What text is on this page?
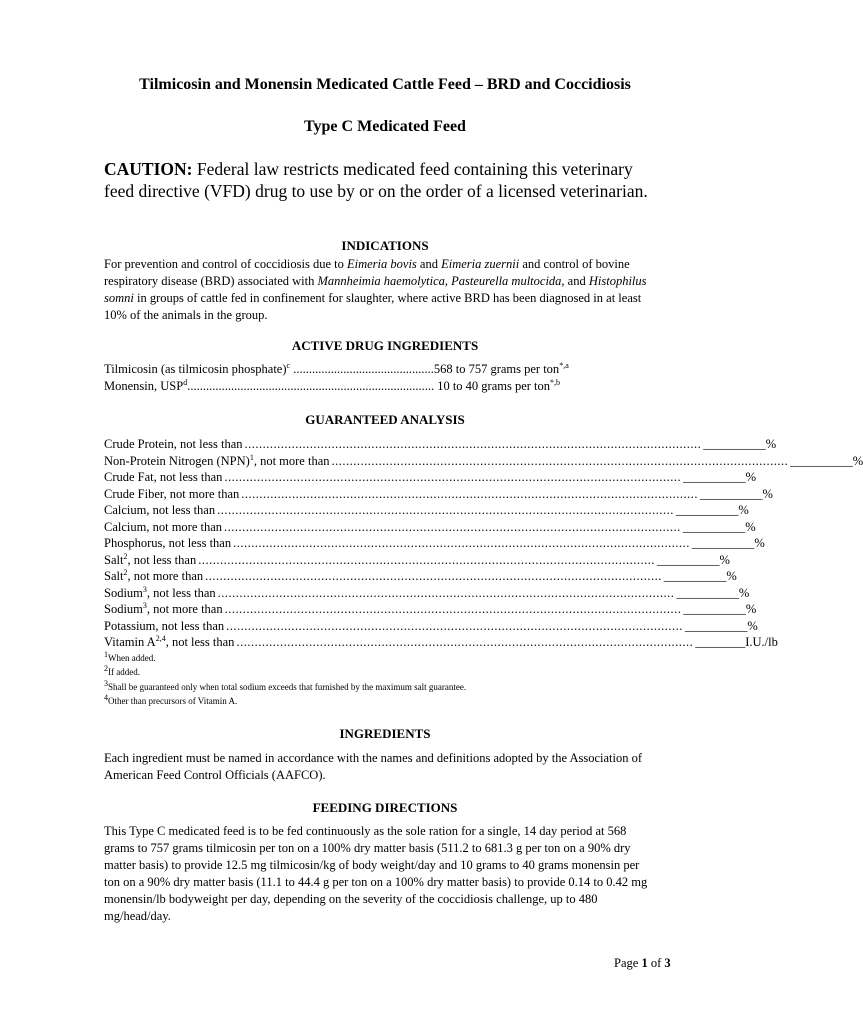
Tilmicosin and Monensin Medicated Cattle Feed – BRD and Coccidiosis
Type C Medicated Feed
CAUTION: Federal law restricts medicated feed containing this veterinary feed directive (VFD) drug to use by or on the order of a licensed veterinarian.
INDICATIONS
For prevention and control of coccidiosis due to Eimeria bovis and Eimeria zuernii and control of bovine respiratory disease (BRD) associated with Mannheimia haemolytica, Pasteurella multocida, and Histophilus somni in groups of cattle fed in confinement for slaughter, where active BRD has been diagnosed in at least 10% of the animals in the group.
ACTIVE DRUG INGREDIENTS
Tilmicosin (as tilmicosin phosphate)$^c$ .............................................568 to 757 grams per ton$^{*,a}$
Monensin, USP$^d$............................................................................... 10 to 40 grams per ton$^{*,b}$
GUARANTEED ANALYSIS
Crude Protein, not less than .............................................................................................................................. __________%
Non-Protein Nitrogen (NPN)$^1$, not more than .............................................................................................................................. __________%
Crude Fat, not less than .............................................................................................................................. __________%
Crude Fiber, not more than .............................................................................................................................. __________%
Calcium, not less than .............................................................................................................................. __________%
Calcium, not more than .............................................................................................................................. __________%
Phosphorus, not less than .............................................................................................................................. __________%
Salt$^2$, not less than .............................................................................................................................. __________%
Salt$^2$, not more than .............................................................................................................................. __________%
Sodium$^3$, not less than .............................................................................................................................. __________%
Sodium$^3$, not more than .............................................................................................................................. __________%
Potassium, not less than .............................................................................................................................. __________%
Vitamin A$^{2,4}$, not less than .............................................................................................................................. ________I.U./lb
$^1$When added.
$^2$If added.
$^3$Shall be guaranteed only when total sodium exceeds that furnished by the maximum salt guarantee.
$^4$Other than precursors of Vitamin A.
INGREDIENTS
Each ingredient must be named in accordance with the names and definitions adopted by the Association of American Feed Control Officials (AAFCO).
FEEDING DIRECTIONS
This Type C medicated feed is to be fed continuously as the sole ration for a single, 14 day period at 568 grams to 757 grams tilmicosin per ton on a 100% dry matter basis (511.2 to 681.3 g per ton on a 90% dry matter basis) to provide 12.5 mg tilmicosin/kg of body weight/day and 10 grams to 40 grams monensin per ton on a 90% dry matter basis (11.1 to 44.4 g per ton on a 100% dry matter basis) to provide 0.14 to 0.42 mg monensin/lb bodyweight per day, depending on the severity of the coccidiosis challenge, up to 480 mg/head/day.
Page 1 of 3
